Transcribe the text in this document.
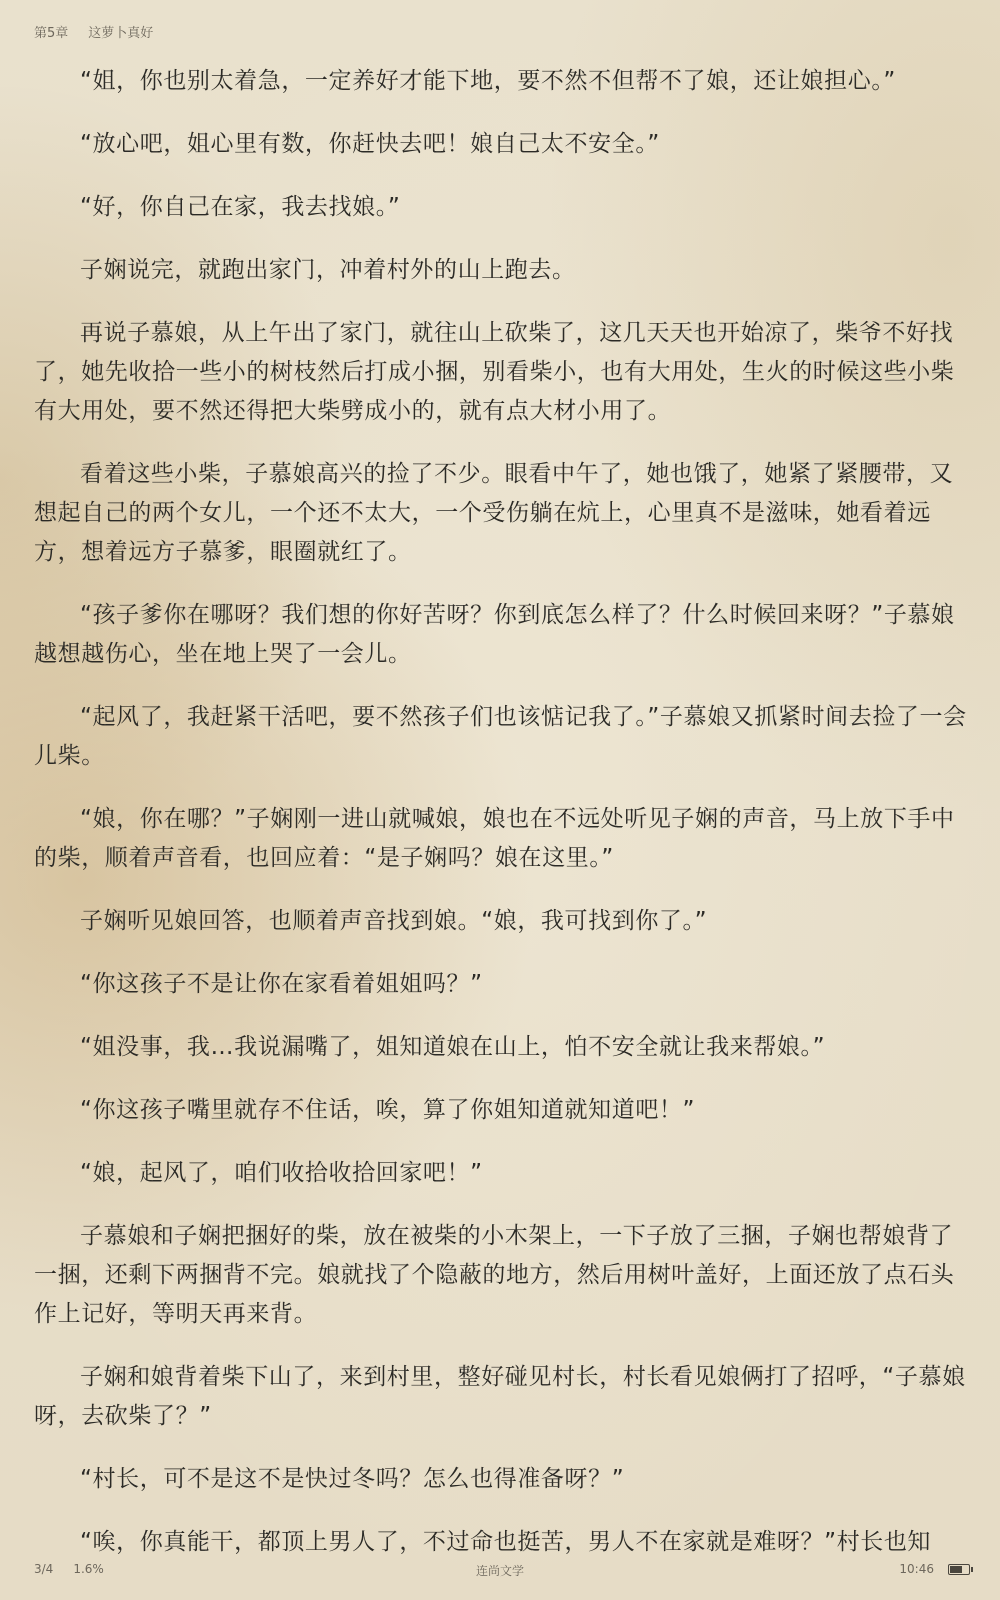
第5章 这萝卜真好

“姐，你也别太着急，一定养好才能下地，要不然不但帮不了娘，还让娘担心。”

“放心吧，姐心里有数，你赶快去吧！娘自己太不安全。”

“好，你自己在家，我去找娘。”

子娴说完，就跑出家门，冲着村外的山上跑去。

再说子慕娘，从上午出了家门，就往山上砍柴了，这几天天也开始凉了，柴爷不好找了，她先收拾一些小的树枝然后打成小捆，别看柴小，也有大用处，生火的时候这些小柴有大用处，要不然还得把大柴劈成小的，就有点大材小用了。

看着这些小柴，子慕娘高兴的捡了不少。眼看中午了，她也饿了，她紧了紧腰带，又想起自己的两个女儿，一个还不太大，一个受伤躺在炕上，心里真不是滋味，她看着远方，想着远方子慕爹，眼圈就红了。

“孩子爹你在哪呀？我们想的你好苦呀？你到底怎么样了？什么时候回来呀？”子慕娘越想越伤心，坐在地上哭了一会儿。

“起风了，我赶紧干活吧，要不然孩子们也该惦记我了。”子慕娘又抓紧时间去捡了一会儿柴。

“娘，你在哪？”子娴刚一进山就喊娘，娘也在不远处听见子娴的声音，马上放下手中的柴，顺着声音看，也回应着：“是子娴吗？娘在这里。”

子娴听见娘回答，也顺着声音找到娘。“娘，我可找到你了。”

“你这孩子不是让你在家看着姐姐吗？”

“姐没事，我…我说漏嘴了，姐知道娘在山上，怕不安全就让我来帮娘。”

“你这孩子嘴里就存不住话，唉，算了你姐知道就知道吧！”

“娘，起风了，咱们收拾收拾回家吧！”

子慕娘和子娴把捆好的柴，放在被柴的小木架上，一下子放了三捆，子娴也帮娘背了一捆，还剩下两捆背不完。娘就找了个隐蔽的地方，然后用树叶盖好，上面还放了点石头作上记好，等明天再来背。

子娴和娘背着柴下山了，来到村里，整好碰见村长，村长看见娘俩打了招呼，“子慕娘呀，去砍柴了？”

“村长，可不是这不是快过冬吗？怎么也得准备呀？”

“唉，你真能干，都顶上男人了，不过命也挺苦，男人不在家就是难呀？”村长也知

3/4 1.6%	连尚文学	10:46
